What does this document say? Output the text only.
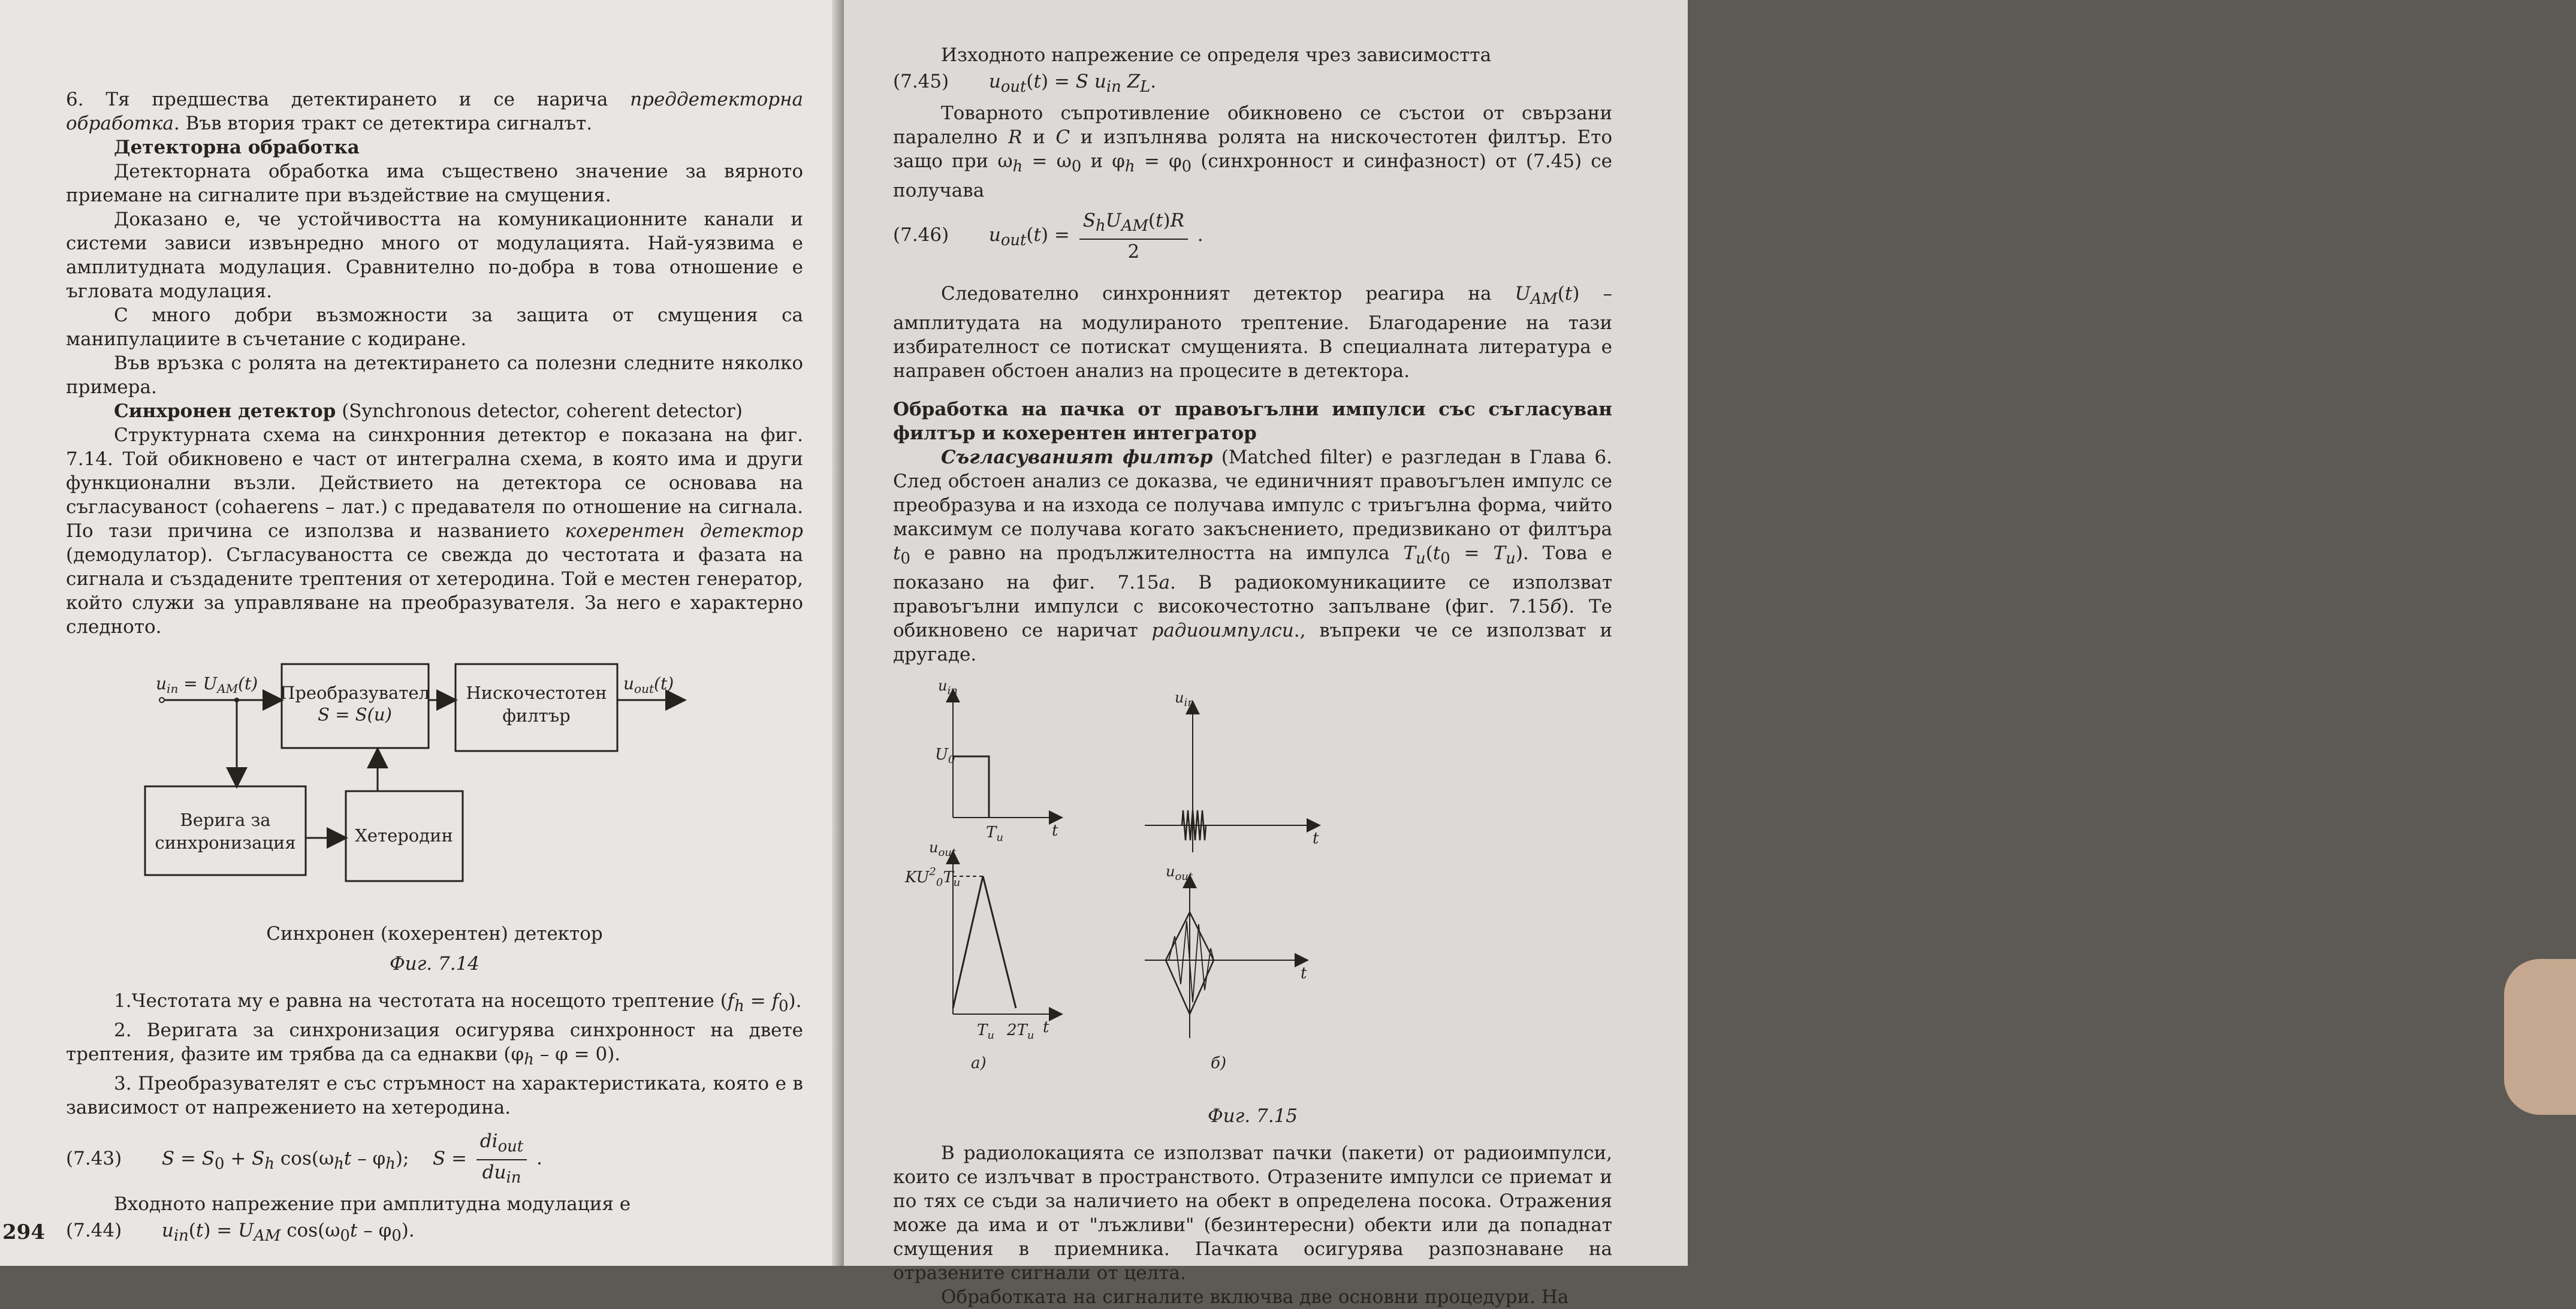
6. Тя предшества детектирането и се нарича преддетекторна обработка. Във втория тракт се детектира сигналът.

Детекторна обработка

Детекторната обработка има съществено значение за вярното приемане на сигналите при въздействие на смущения.

Доказано е, че устойчивостта на комуникационните канали и системи зависи извънредно много от модулацията. Най-уязвима е амплитудната модулация. Сравнително по-добра в това отношение е ъгловата модулация.

С много добри възможности за защита от смущения са манипулациите в съчетание с кодиране.

Във връзка с ролята на детектирането са полезни следните няколко примера.

Синхронен детектор (Synchronous detector, coherent detector)

Структурната схема на синхронния детектор е показана на фиг. 7.14. Той обикновено е част от интегрална схема, в която има и други функционални възли. Действието на детектора се основава на съгласуваност (cohaerens – лат.) с предавателя по отношение на сигнала. По тази причина се използва и названието кохерентен детектор (демодулатор). Съгласуваността се свежда до честотата и фазата на сигнала и създадените трептения от хетеродина. Той е местен генератор, който служи за управляване на преобразувателя. За него е характерно следното.

$u_{in} = U_{AM}(t)$ Преобразувател
S = S(u)
Нискочестотен
филтър
$u_{out}(t)$
Верига за
синхронизация	Хетеродин

Синхронен (кохерентен) детектор

Фиг. 7.14

1.Честотата му е равна на честотата на носещото трептение $(f_h = f_0)$.

2. Веригата за синхронизация осигурява синхронност на двете трептения, фазите им трябва да са еднакви $(\varphi_h - \varphi = 0)$.

3. Преобразувателят е със стръмност на характеристиката, която е в зависимост от напрежението на хетеродина.

(7.43) $S = S_0 + S_h$ $\cos(\omega_ht - \varphi_h)$;    $S = \frac{di_{out}}{du_{in}}$ .

Входното напрежение при амплитудна модулация е

(7.44) $u_{in}(t) = U_{AM}$ $\cos(\omega_0t - \varphi_0)$.
294

Изходното напрежение се определя чрез зависимостта

(7.45) $u_{out}(t) = S$ $u_{in}$ $Z_L$.

Товарното съпротивление обикновено се състои от свързани паралелно R и C и изпълнява ролята на нискочестотен филтър. Ето защо при $\omega_h = \omega_0$ и $\varphi_h = \varphi_0$ (синхронност и синфазност) от (7.45) се получава

(7.46) $u_{out}(t) = \frac{S_hU_{AM}(t)R}{2}$ .

Следователно синхронният детектор реагира на $U_{AM}(t)$ – амплитудата на модулираното трептение. Благодарение на тази избирателност се потискат смущенията. В специалната литература е направен обстоен анализ на процесите в детектора.

Обработка на пачка от правоъгълни импулси със съгласуван филтър и кохерентен интегратор

Съгласуваният филтър (Matched filter) е разгледан в Глава 6. След обстоен анализ се доказва, че единичният правоъгълен импулс се преобразува и на изхода се получава импулс с триъгълна форма, чийто максимум се получава когато закъснението, предизвикано от филтъра $t_0$ е равно на продължителността на импулса $T_u(t_0 = T_u)$. Това е показано на фиг. 7.15а. В радиокомуникациите се използват правоъгълни импулси с високочестотно запълване (фиг. 7.15б). Те обикновено се наричат радиоимпулси., въпреки че се използват и другаде.

$u_{in}$
$U_0$
$T_u$	t
$u_{out}$
$KU^2_0T_u$
$T_u$ $2T_u$ t
а)
$u_{in}$
t
$u_{out}$
t
б)

Фиг. 7.15

В радиолокацията се използват пачки (пакети) от радиоимпулси, които се излъчват в пространството. Отразените импулси се приемат и по тях се съди за наличието на обект в определена посока. Отражения може да има и от "лъжливи" (безинтересни) обекти или да попаднат смущения в приемника. Пачката осигурява разпознаване на отразените сигнали от целта.

Обработката на сигналите включва две основни процедури. На
